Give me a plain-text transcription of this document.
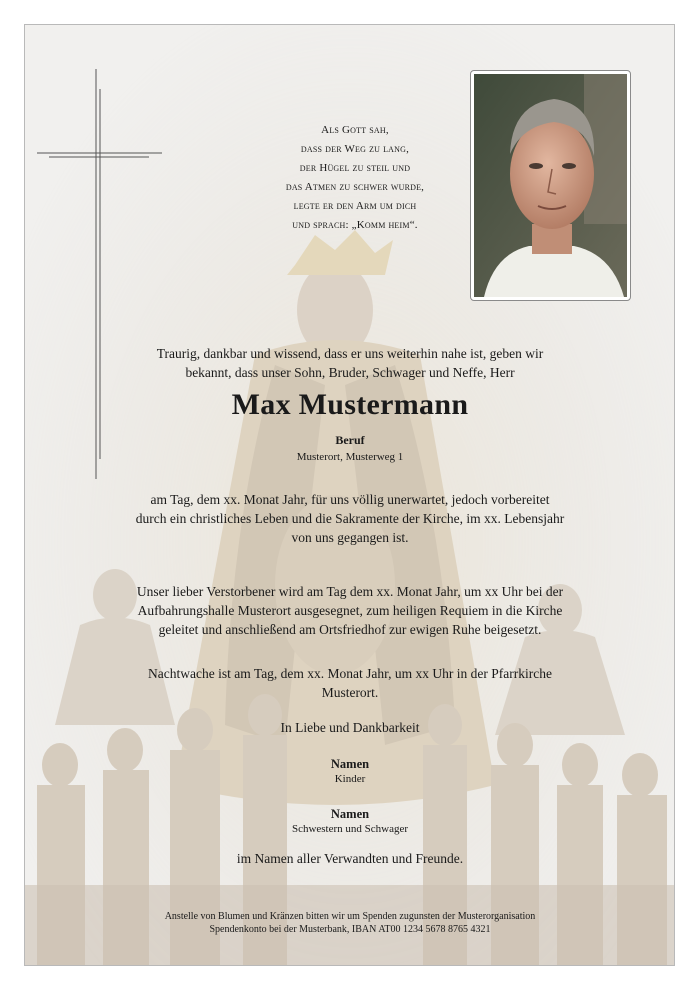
Als Gott sah,
dass der Weg zu lang,
der Hügel zu steil und
das Atmen zu schwer wurde,
legte er den Arm um dich
und sprach: „Komm heim“.
Traurig, dankbar und wissend, dass er uns weiterhin nahe ist, geben wir bekannt, dass unser Sohn, Bruder, Schwager und Neffe, Herr
Max Mustermann
Beruf
Musterort, Musterweg 1
am Tag, dem xx. Monat Jahr, für uns völlig unerwartet, jedoch vorbereitet durch ein christliches Leben und die Sakramente der Kirche, im xx. Lebensjahr von uns gegangen ist.
Unser lieber Verstorbener wird am Tag dem xx. Monat Jahr, um xx Uhr bei der Aufbahrungshalle Musterort ausgesegnet, zum heiligen Requiem in die Kirche geleitet und anschließend am Ortsfriedhof zur ewigen Ruhe beigesetzt.
Nachtwache ist am Tag, dem xx. Monat Jahr, um xx Uhr in der Pfarrkirche Musterort.
In Liebe und Dankbarkeit
Namen
Kinder
Namen
Schwestern und Schwager
im Namen aller Verwandten und Freunde.
Anstelle von Blumen und Kränzen bitten wir um Spenden zugunsten der Musterorganisation
Spendenkonto bei der Musterbank, IBAN AT00 1234 5678 8765 4321
